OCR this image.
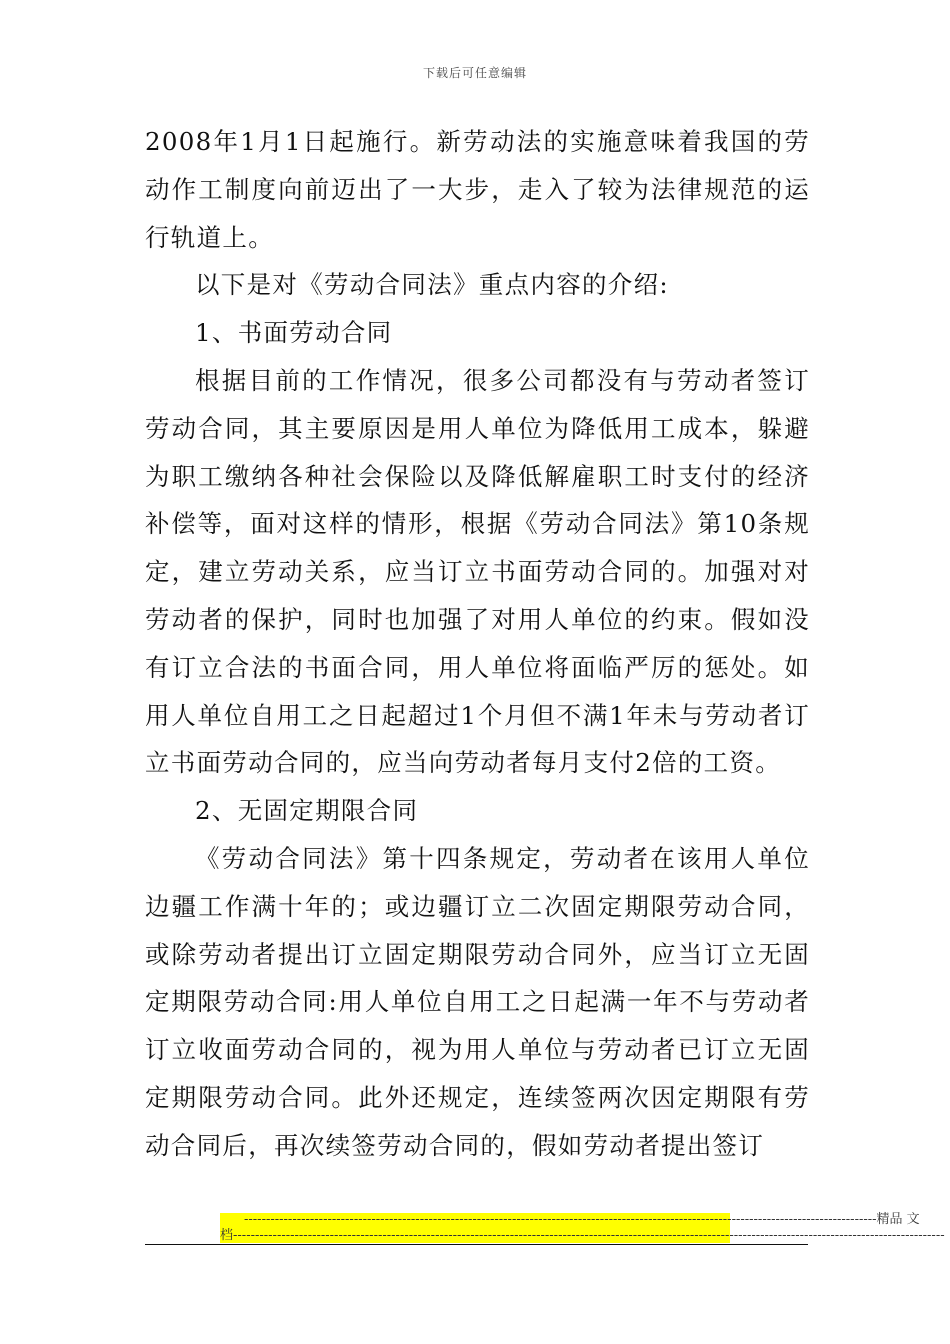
下载后可任意编辑

2008年1月1日起施行。新劳动法的实施意味着我国的劳动作工制度向前迈出了一大步，走入了较为法律规范的运行轨道上。

以下是对《劳动合同法》重点内容的介绍:

1、书面劳动合同

根据目前的工作情况，很多公司都没有与劳动者签订劳动合同，其主要原因是用人单位为降低用工成本，躲避为职工缴纳各种社会保险以及降低解雇职工时支付的经济补偿等，面对这样的情形，根据《劳动合同法》第10条规定，建立劳动关系，应当订立书面劳动合同的。加强对对劳动者的保护，同时也加强了对用人单位的约束。假如没有订立合法的书面合同，用人单位将面临严厉的惩处。如用人单位自用工之日起超过1个月但不满1年未与劳动者订立书面劳动合同的，应当向劳动者每月支付2倍的工资。

2、无固定期限合同

《劳动合同法》第十四条规定，劳动者在该用人单位边疆工作满十年的；或边疆订立二次固定期限劳动合同，或除劳动者提出订立固定期限劳动合同外，应当订立无固定期限劳动合同:用人单位自用工之日起满一年不与劳动者订立收面劳动合同的，视为用人单位与劳动者已订立无固定期限劳动合同。此外还规定，连续签两次因定期限有劳动合同后，再次续签劳动合同的，假如劳动者提出签订

------------------------------------------------------------------------------------------------------------------------------------------------ 精品 文
档 ------------------------------------------------------------------------------------------------------------------------------------------------------------------
